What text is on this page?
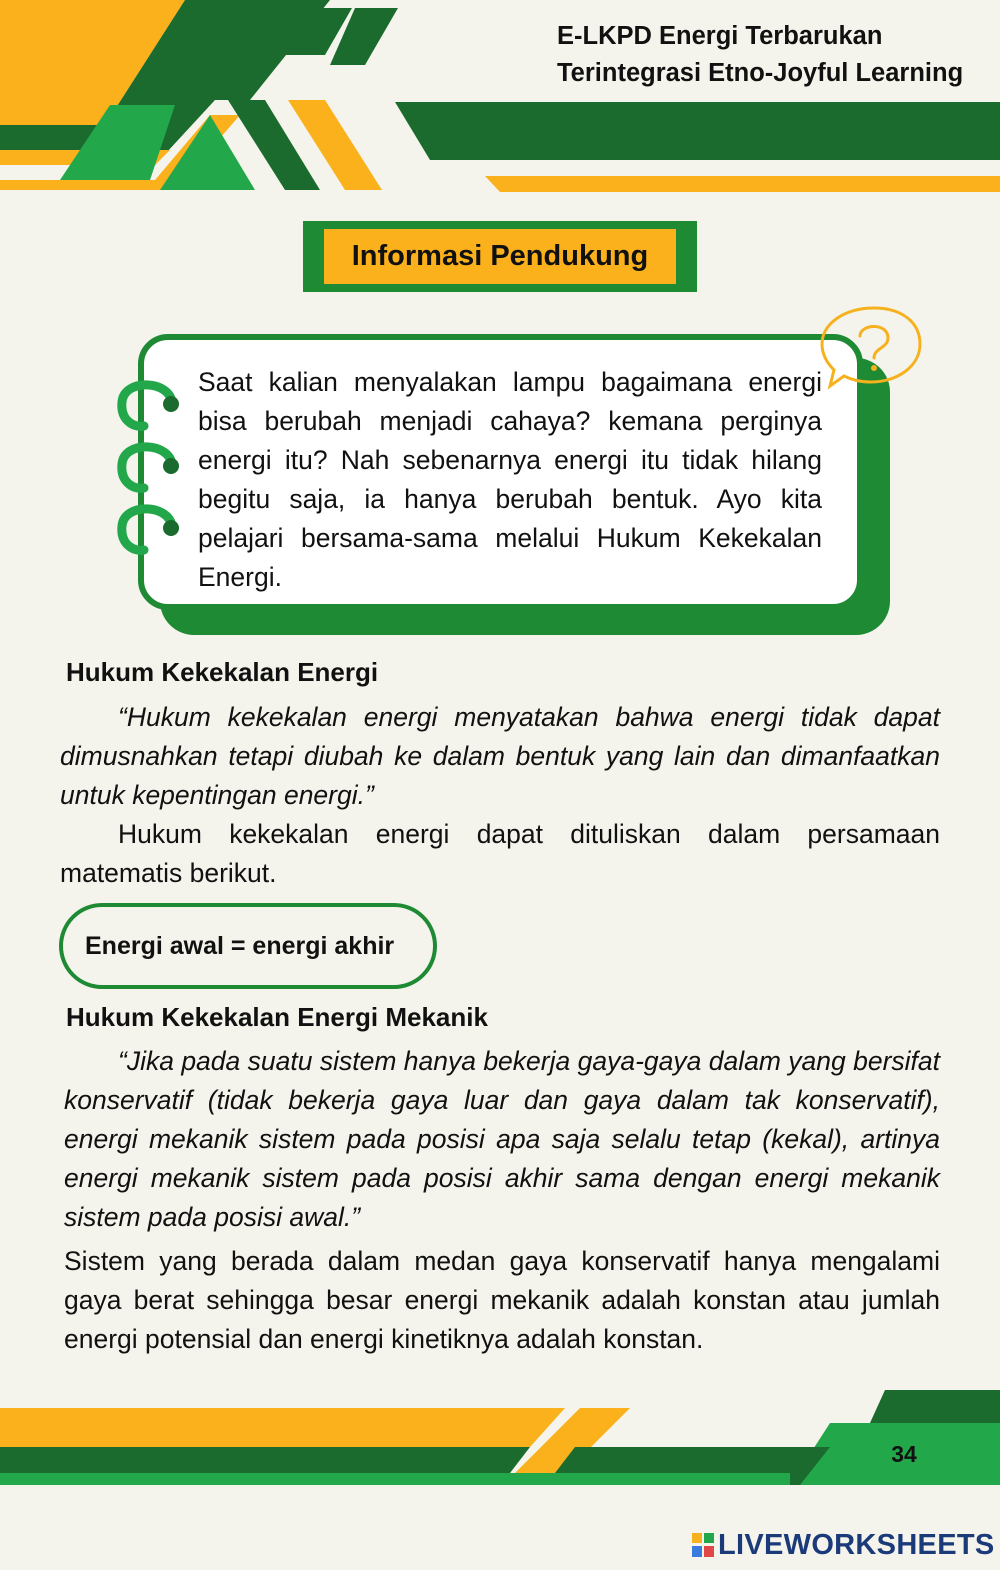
E-LKPD Energi Terbarukan
Terintegrasi Etno-Joyful Learning
Informasi Pendukung
Saat kalian menyalakan lampu bagaimana energi bisa berubah menjadi cahaya? kemana perginya energi itu? Nah sebenarnya energi itu tidak hilang begitu saja, ia hanya berubah bentuk. Ayo kita pelajari bersama-sama melalui Hukum Kekekalan Energi.
Hukum Kekekalan Energi
“Hukum kekekalan energi menyatakan bahwa energi tidak dapat dimusnahkan tetapi diubah ke dalam bentuk yang lain dan dimanfaatkan untuk kepentingan energi.”
Hukum kekekalan energi dapat dituliskan dalam persamaan matematis berikut.
Energi awal = energi akhir
Hukum Kekekalan Energi Mekanik
“Jika pada suatu sistem hanya bekerja gaya-gaya dalam yang bersifat konservatif (tidak bekerja gaya luar dan gaya dalam tak konservatif), energi mekanik sistem pada posisi apa saja selalu tetap (kekal), artinya energi mekanik sistem pada posisi akhir sama dengan energi mekanik sistem pada posisi awal.”
Sistem yang berada dalam medan gaya konservatif hanya mengalami gaya berat sehingga besar energi mekanik adalah konstan atau jumlah energi potensial dan energi kinetiknya adalah konstan.
34
LIVEWORKSHEETS
